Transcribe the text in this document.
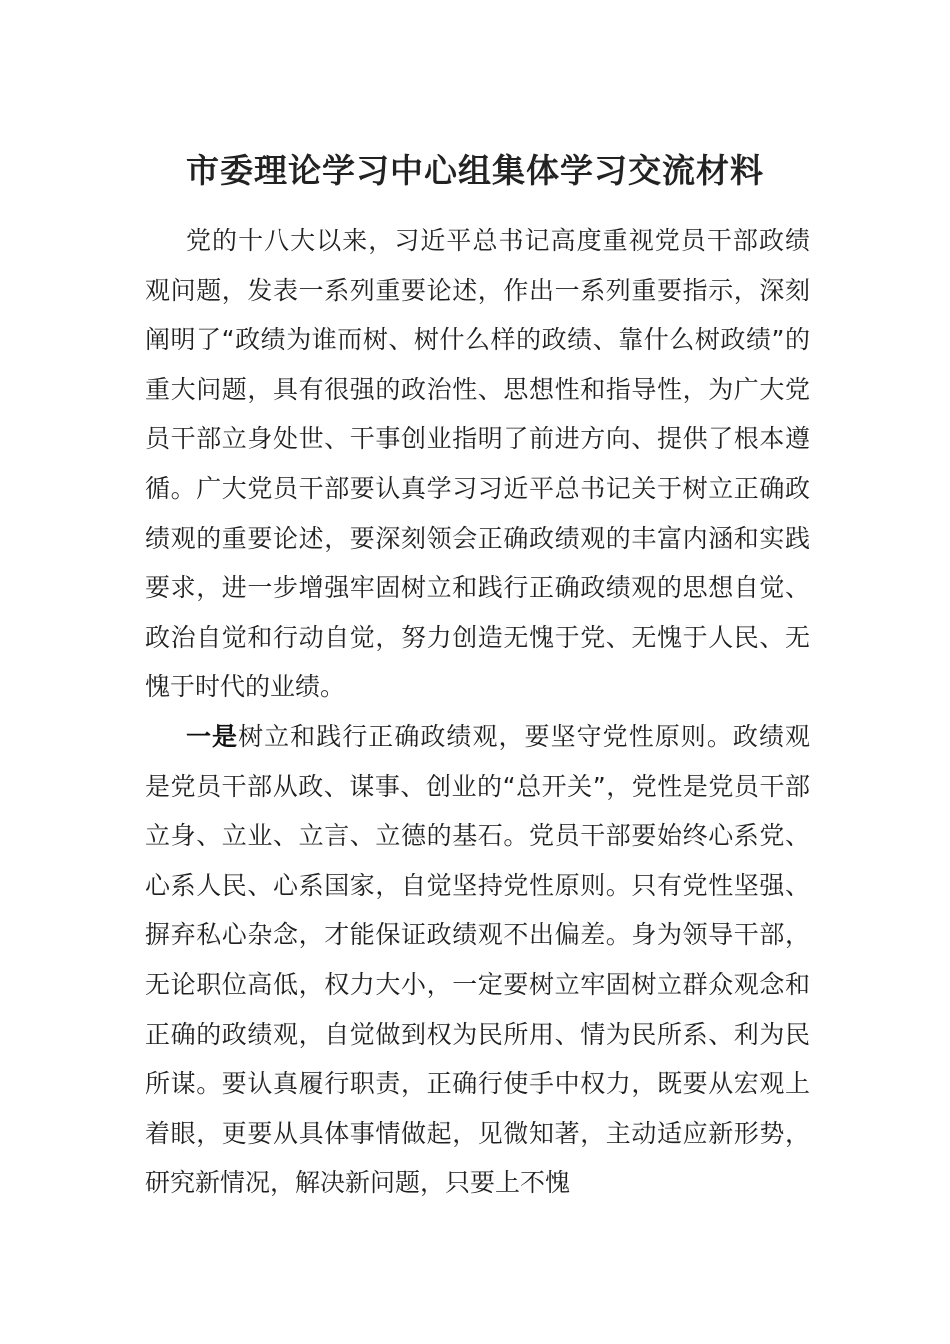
市委理论学习中心组集体学习交流材料

党的十八大以来，习近平总书记高度重视党员干部政绩观问题，发表一系列重要论述，作出一系列重要指示，深刻阐明了“政绩为谁而树、树什么样的政绩、靠什么树政绩”的重大问题，具有很强的政治性、思想性和指导性，为广大党员干部立身处世、干事创业指明了前进方向、提供了根本遵循。广大党员干部要认真学习习近平总书记关于树立正确政绩观的重要论述，要深刻领会正确政绩观的丰富内涵和实践要求，进一步增强牢固树立和践行正确政绩观的思想自觉、政治自觉和行动自觉，努力创造无愧于党、无愧于人民、无愧于时代的业绩。

一是树立和践行正确政绩观，要坚守党性原则。政绩观是党员干部从政、谋事、创业的“总开关”，党性是党员干部立身、立业、立言、立德的基石。党员干部要始终心系党、心系人民、心系国家，自觉坚持党性原则。只有党性坚强、摒弃私心杂念，才能保证政绩观不出偏差。身为领导干部，无论职位高低，权力大小，一定要树立牢固树立群众观念和正确的政绩观，自觉做到权为民所用、情为民所系、利为民所谋。要认真履行职责，正确行使手中权力，既要从宏观上着眼，更要从具体事情做起，见微知著，主动适应新形势，研究新情况，解决新问题，只要上不愧
